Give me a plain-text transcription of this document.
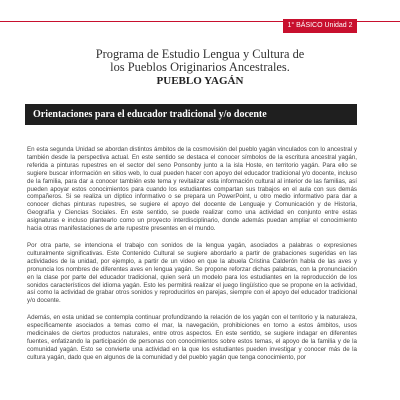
1° BÁSICO Unidad 2
Programa de Estudio Lengua y Cultura de
los Pueblos Originarios Ancestrales.
PUEBLO YAGÁN
Orientaciones para el educador tradicional y/o docente

En esta segunda Unidad se abordan distintos ámbitos de la cosmovisión del pueblo yagán vinculados con lo ancestral y también desde la perspectiva actual. En este sentido se destaca el conocer símbolos de la escritura ancestral yagán, referida a pinturas rupestres en el sector del seno Ponsonby junto a la isla Hoste, en territorio yagán. Para ello se sugiere buscar información en sitios web, lo cual pueden hacer con apoyo del educador tradicional y/o docente, incluso de la familia, para dar a conocer también este tema y revitalizar esta información cultural al interior de las familias, así pueden apoyar estos conocimientos para cuando los estudiantes compartan sus trabajos en el aula con sus demás compañeros. Si se realiza un díptico informativo o se prepara un PowerPoint, u otro medio informativo para dar a conocer dichas pinturas rupestres, se sugiere el apoyo del docente de Lenguaje y Comunicación y de Historia, Geografía y Ciencias Sociales. En este sentido, se puede realizar como una actividad en conjunto entre estas asignaturas e incluso plantearlo como un proyecto interdisciplinario, donde además puedan ampliar el conocimiento hacia otras manifestaciones de arte rupestre presentes en el mundo.

Por otra parte, se intenciona el trabajo con sonidos de la lengua yagán, asociados a palabras o expresiones culturalmente significativas. Este Contenido Cultural se sugiere abordarlo a partir de grabaciones sugeridas en las actividades de la unidad, por ejemplo, a partir de un video en que la abuela Cristina Calderón habla de las aves y pronuncia los nombres de diferentes aves en lengua yagán. Se propone reforzar dichas palabras, con la pronunciación en la clase por parte del educador tradicional, quien será un modelo para los estudiantes en la reproducción de los sonidos característicos del idioma yagán. Esto les permitirá realizar el juego lingüístico que se propone en la actividad, así como la actividad de grabar otros sonidos y reproducirlos en parejas, siempre con el apoyo del educador tradicional y/o docente.

Además, en esta unidad se contempla continuar profundizando la relación de los yagán con el territorio y la naturaleza, específicamente asociados a temas como el mar, la navegación, prohibiciones en torno a estos ámbitos, usos medicinales de ciertos productos naturales, entre otros aspectos. En este sentido, se sugiere indagar en diferentes fuentes, enfatizando la participación de personas con conocimientos sobre estos temas, el apoyo de la familia y de la comunidad yagán. Esto se convierte una actividad en la que los estudiantes pueden investigar y conocer más de la cultura yagán, dado que en algunos de la comunidad y del pueblo yagán que tenga conocimiento, por
